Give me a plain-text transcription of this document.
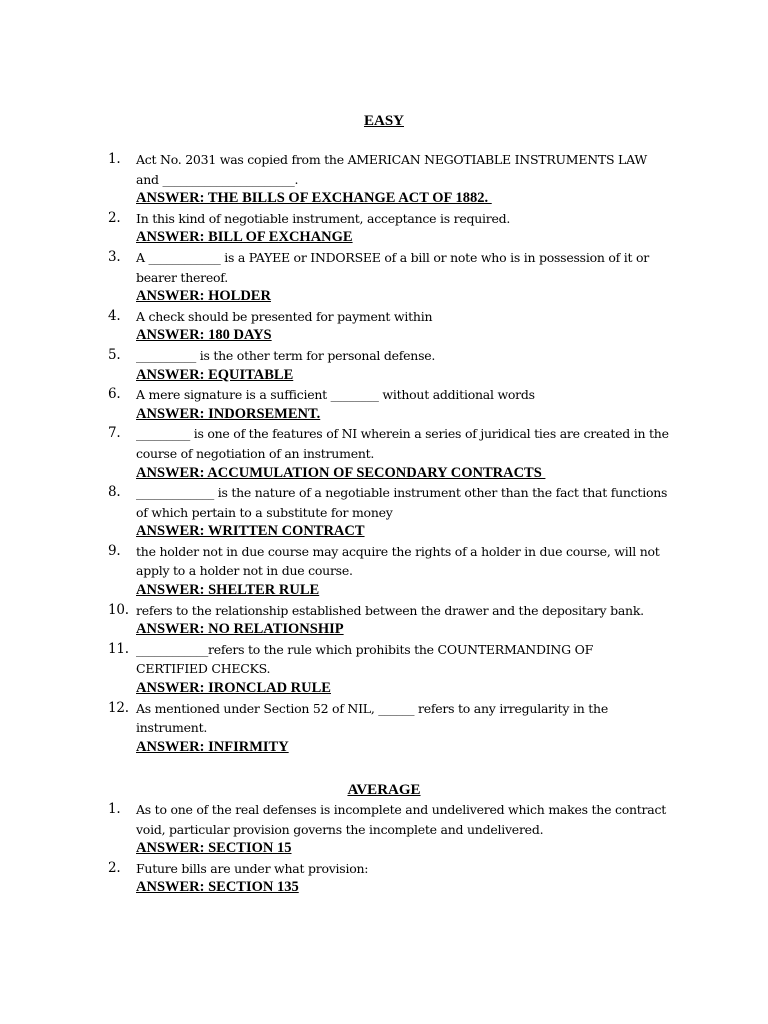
EASY
1.	Act No. 2031 was copied from the AMERICAN NEGOTIABLE INSTRUMENTS LAW
and ______________________.
ANSWER: THE BILLS OF EXCHANGE ACT OF 1882.
2.	In this kind of negotiable instrument, acceptance is required.
ANSWER: BILL OF EXCHANGE
3.	A ____________ is a PAYEE or INDORSEE of a bill or note who is in possession of it or
bearer thereof.
ANSWER: HOLDER
4.	A check should be presented for payment within
ANSWER: 180 DAYS
5.	__________ is the other term for personal defense.
ANSWER: EQUITABLE
6.	A mere signature is a sufficient ________ without additional words
ANSWER: INDORSEMENT.
7.	_________ is one of the features of NI wherein a series of juridical ties are created in the
course of negotiation of an instrument.
ANSWER: ACCUMULATION OF SECONDARY CONTRACTS
8.	_____________ is the nature of a negotiable instrument other than the fact that functions
of which pertain to a substitute for money
ANSWER: WRITTEN CONTRACT
9.	the holder not in due course may acquire the rights of a holder in due course, will not
apply to a holder not in due course.
ANSWER: SHELTER RULE
10. refers to the relationship established between the drawer and the depositary bank.
ANSWER: NO RELATIONSHIP
11. ____________refers to the rule which prohibits the COUNTERMANDING OF
CERTIFIED CHECKS.
ANSWER: IRONCLAD RULE
12. As mentioned under Section 52 of NIL, ______ refers to any irregularity in the
instrument.
ANSWER: INFIRMITY
AVERAGE
1.	As to one of the real defenses is incomplete and undelivered which makes the contract
void, particular provision governs the incomplete and undelivered.
ANSWER: SECTION 15
2.	Future bills are under what provision:
ANSWER: SECTION 135
